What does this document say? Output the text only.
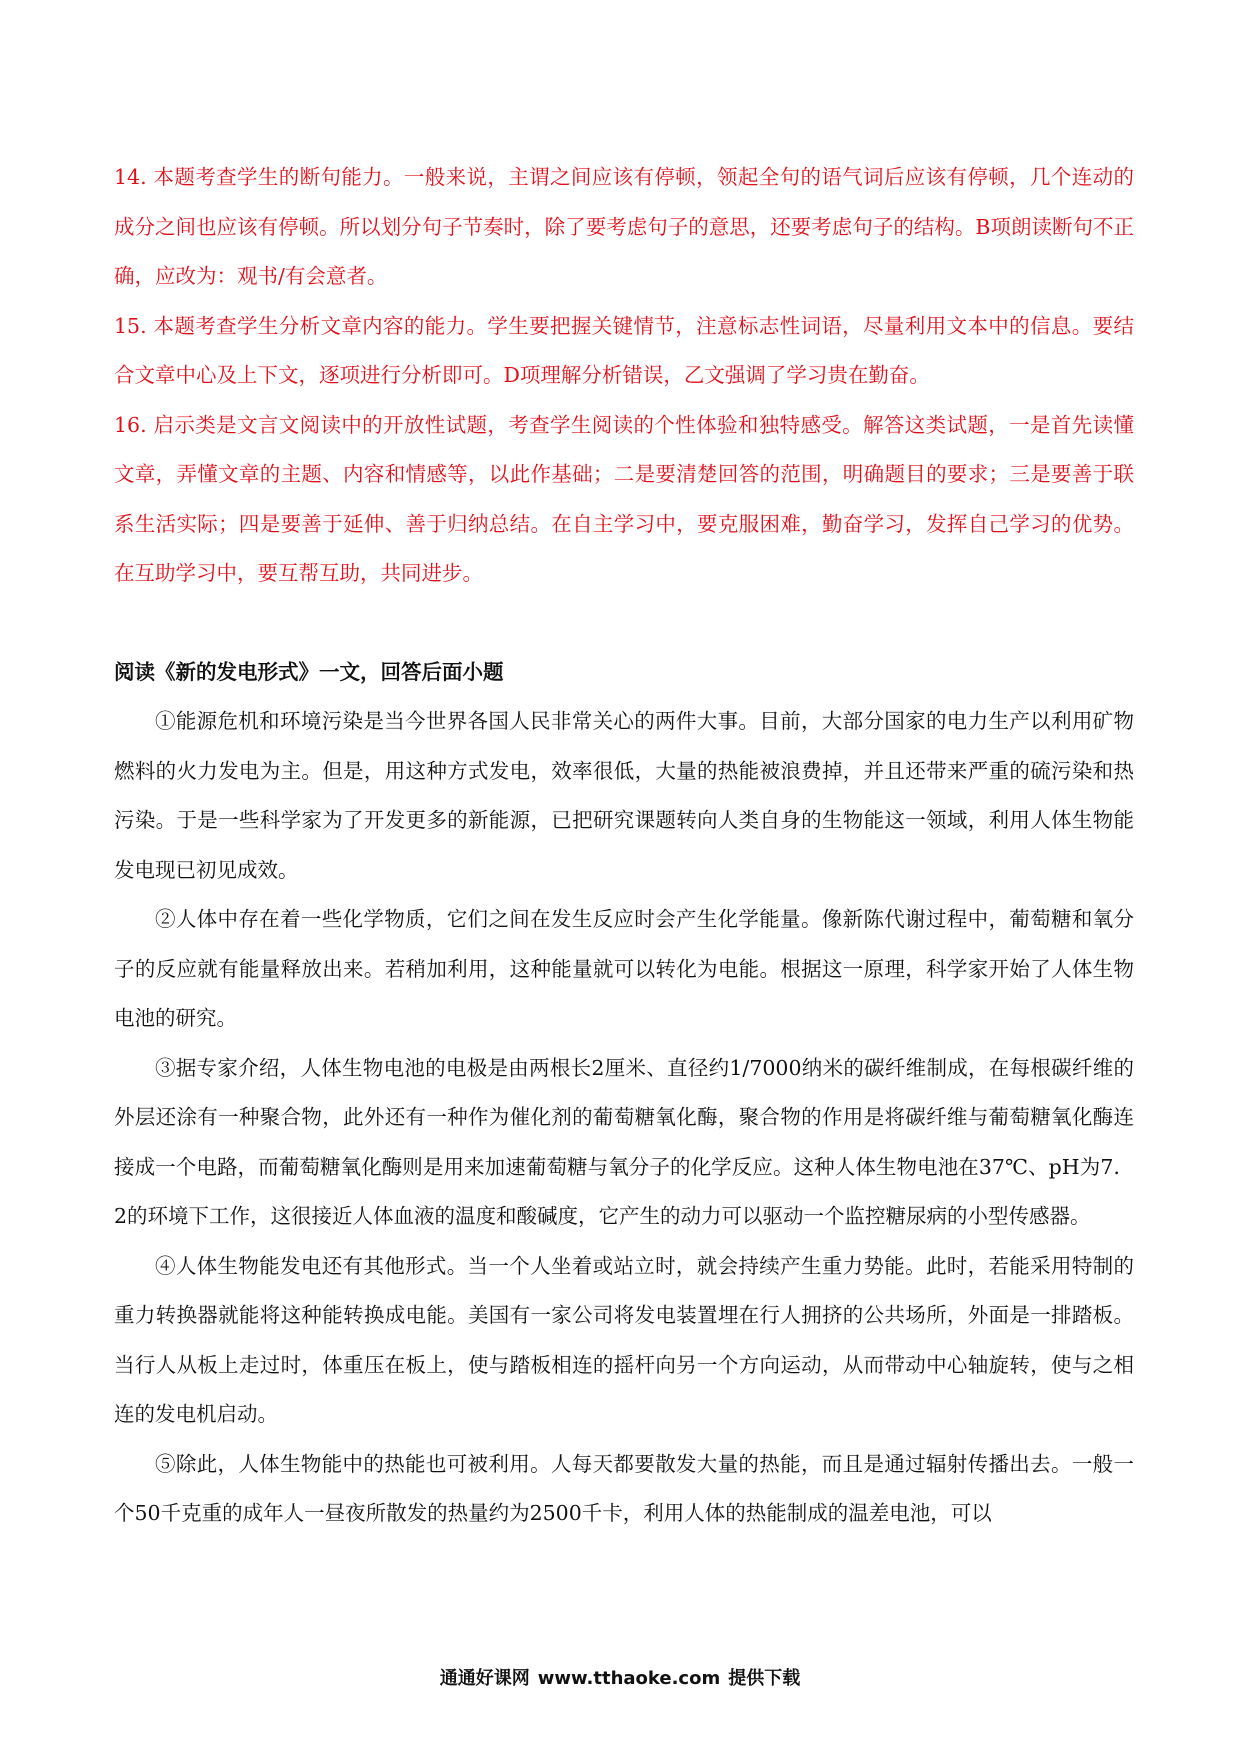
14. 本题考查学生的断句能力。一般来说，主谓之间应该有停顿，领起全句的语气词后应该有停顿，几个连动的成分之间也应该有停顿。所以划分句子节奏时，除了要考虑句子的意思，还要考虑句子的结构。B项朗读断句不正确，应改为：观书/有会意者。

15. 本题考查学生分析文章内容的能力。学生要把握关键情节，注意标志性词语，尽量利用文本中的信息。要结合文章中心及上下文，逐项进行分析即可。D项理解分析错误，乙文强调了学习贵在勤奋。

16. 启示类是文言文阅读中的开放性试题，考查学生阅读的个性体验和独特感受。解答这类试题，一是首先读懂文章，弄懂文章的主题、内容和情感等，以此作基础；二是要清楚回答的范围，明确题目的要求；三是要善于联系生活实际；四是要善于延伸、善于归纳总结。在自主学习中，要克服困难，勤奋学习，发挥自己学习的优势。在互助学习中，要互帮互助，共同进步。

阅读《新的发电形式》一文，回答后面小题

①能源危机和环境污染是当今世界各国人民非常关心的两件大事。目前，大部分国家的电力生产以利用矿物燃料的火力发电为主。但是，用这种方式发电，效率很低，大量的热能被浪费掉，并且还带来严重的硫污染和热污染。于是一些科学家为了开发更多的新能源，已把研究课题转向人类自身的生物能这一领域，利用人体生物能发电现已初见成效。

②人体中存在着一些化学物质，它们之间在发生反应时会产生化学能量。像新陈代谢过程中，葡萄糖和氧分子的反应就有能量释放出来。若稍加利用，这种能量就可以转化为电能。根据这一原理，科学家开始了人体生物电池的研究。

③据专家介绍，人体生物电池的电极是由两根长2厘米、直径约1/7000纳米的碳纤维制成，在每根碳纤维的外层还涂有一种聚合物，此外还有一种作为催化剂的葡萄糖氧化酶，聚合物的作用是将碳纤维与葡萄糖氧化酶连接成一个电路，而葡萄糖氧化酶则是用来加速葡萄糖与氧分子的化学反应。这种人体生物电池在37℃、pH为7．2的环境下工作，这很接近人体血液的温度和酸碱度，它产生的动力可以驱动一个监控糖尿病的小型传感器。

④人体生物能发电还有其他形式。当一个人坐着或站立时，就会持续产生重力势能。此时，若能采用特制的重力转换器就能将这种能转换成电能。美国有一家公司将发电装置埋在行人拥挤的公共场所，外面是一排踏板。当行人从板上走过时，体重压在板上，使与踏板相连的摇杆向另一个方向运动，从而带动中心轴旋转，使与之相连的发电机启动。

⑤除此，人体生物能中的热能也可被利用。人每天都要散发大量的热能，而且是通过辐射传播出去。一般一个50千克重的成年人一昼夜所散发的热量约为2500千卡，利用人体的热能制成的温差电池，可以

通通好课网 www.tthaoke.com 提供下载
